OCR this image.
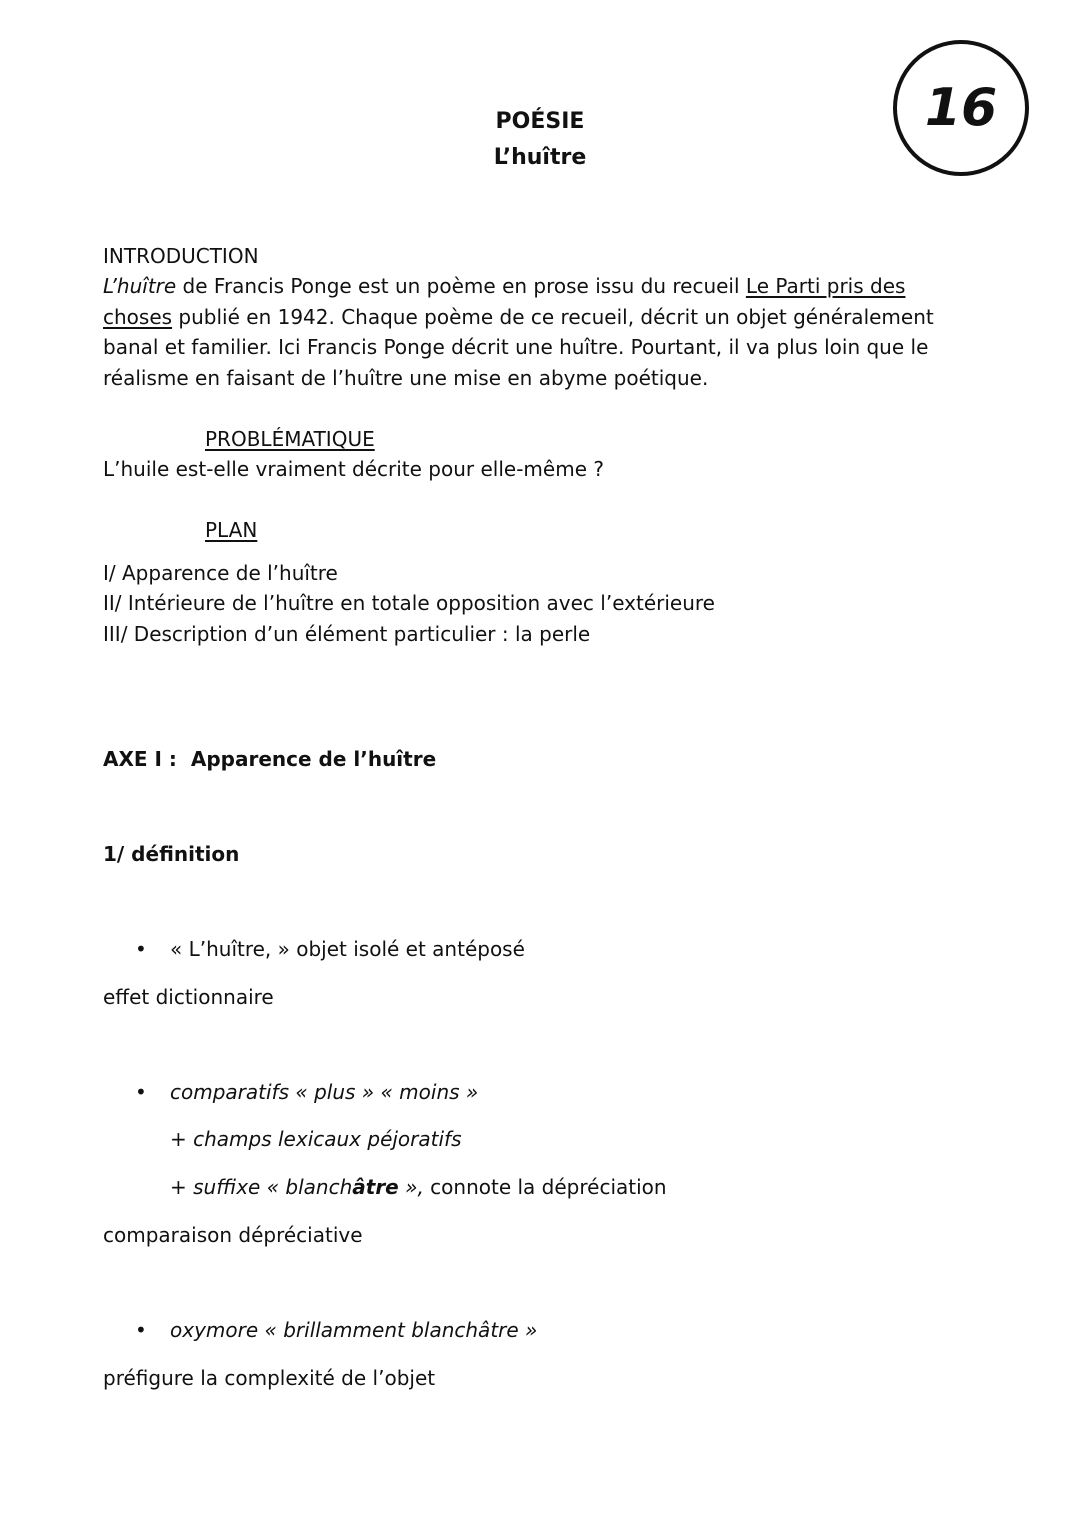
POÉSIE
L’huître
16
INTRODUCTION
L’huître de Francis Ponge est un poème en prose issu du recueil Le Parti pris des
choses publié en 1942. Chaque poème de ce recueil, décrit un objet généralement
banal et familier. Ici Francis Ponge décrit une huître. Pourtant, il va plus loin que le
réalisme en faisant de l’huître une mise en abyme poétique.
PROBLÉMATIQUE
L’huile est-elle vraiment décrite pour elle-même ?
PLAN
I/ Apparence de l’huître
II/ Intérieure de l’huître en totale opposition avec l’extérieure
III/ Description d’un élément particulier : la perle
AXE I : Apparence de l’huître
1/ définition
• « L’huître, » objet isolé et antéposé
effet dictionnaire
• comparatifs « plus » « moins »
+ champs lexicaux péjoratifs
+ suffixe « blanchâtre », connote la dépréciation
comparaison dépréciative
• oxymore « brillamment blanchâtre »
préfigure la complexité de l’objet
